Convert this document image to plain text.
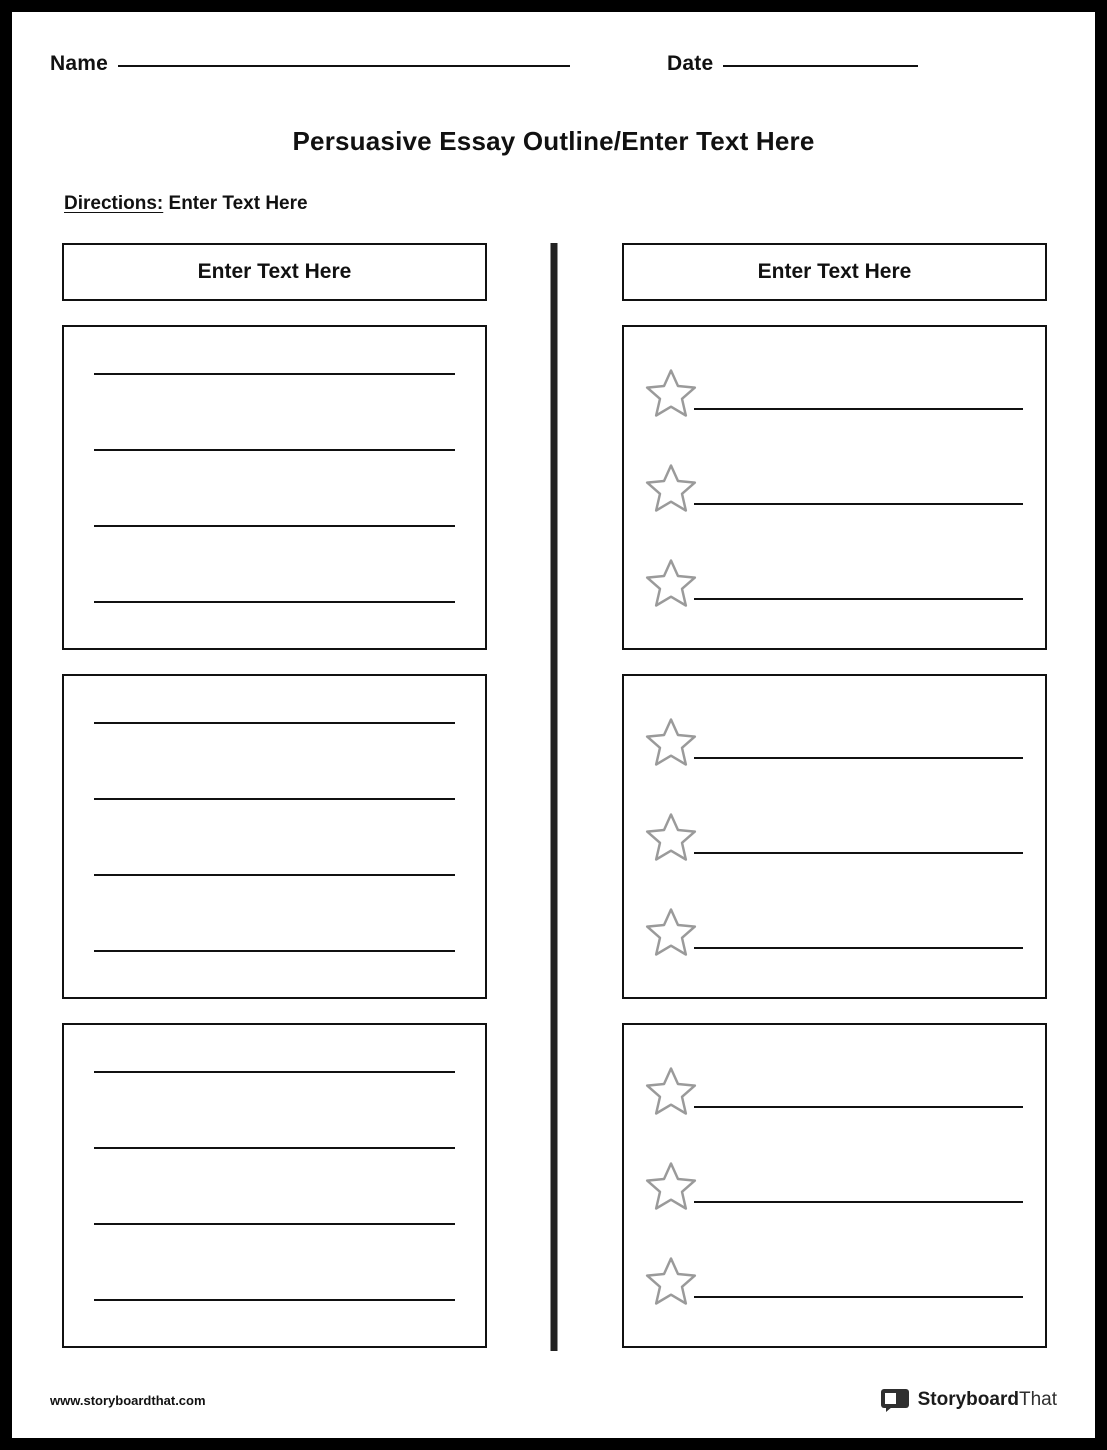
Name	Date
Persuasive Essay Outline/Enter Text Here
Directions: Enter Text Here
Enter Text Here	Enter Text Here
www.storyboardthat.com	StoryboardThat
